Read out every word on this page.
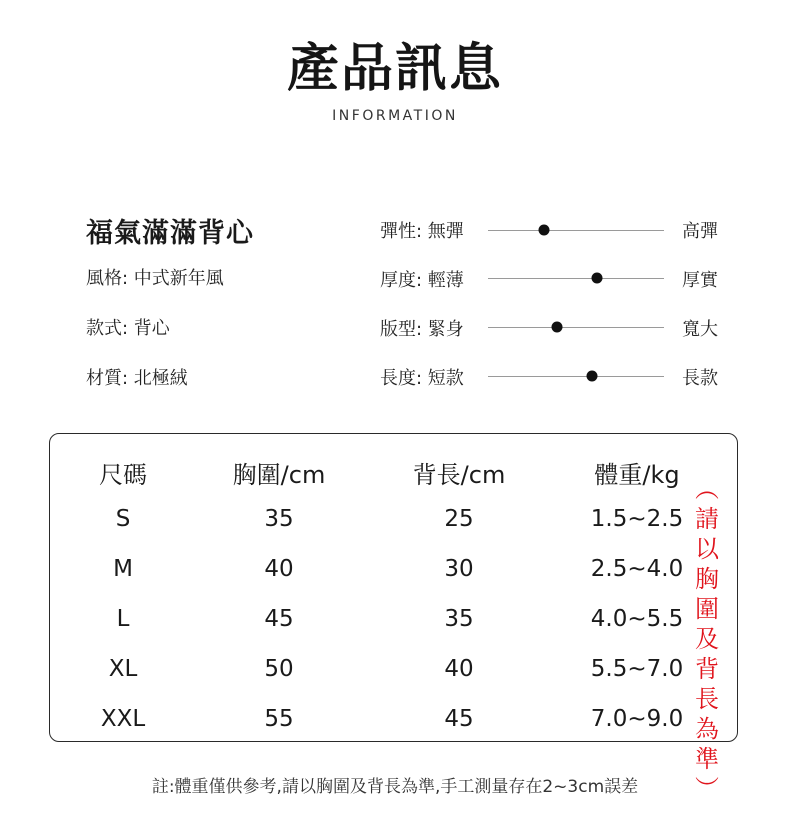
產品訊息
INFORMATION
福氣滿滿背心
風格: 中式新年風
款式: 背心
材質: 北極絨
彈性: 無彈	高彈
厚度: 輕薄	厚實
版型: 緊身	寬大
長度: 短款	長款
尺碼	胸圍/cm	背長/cm	體重/kg
S	35	25	1.5~2.5
M	40	30	2.5~4.0
L	45	35	4.0~5.5
XL	50	40	5.5~7.0
XXL	55	45	7.0~9.0
︵
請
以
胸
圍
及
背
長
為
準
︶
註:體重僅供參考,請以胸圍及背長為準,手工測量存在2~3cm誤差
